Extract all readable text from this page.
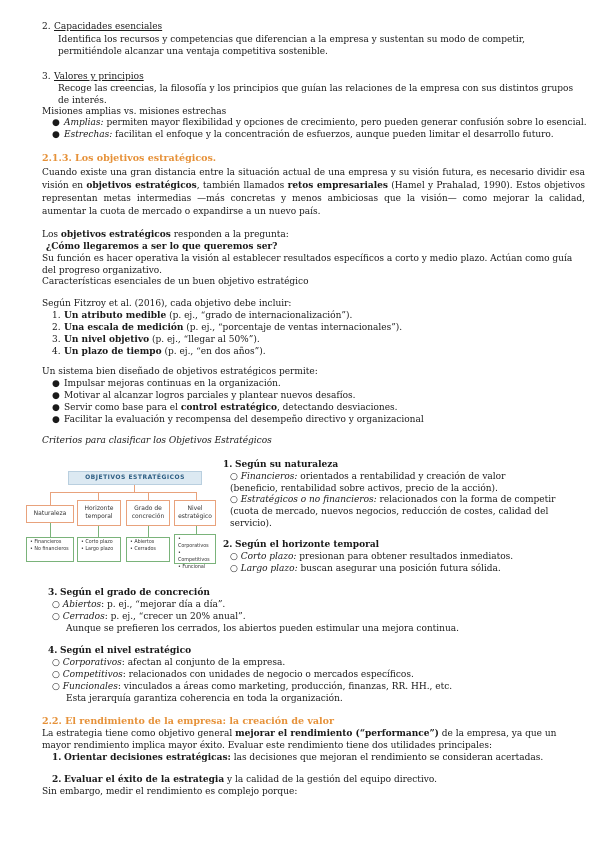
2. Capacidades esenciales
Identifica los recursos y competencias que diferencian a la empresa y sustentan su modo de competir, permitiéndole alcanzar una ventaja competitiva sostenible.
3. Valores y principios
Recoge las creencias, la filosofía y los principios que guían las relaciones de la empresa con sus distintos grupos de interés.
Misiones amplias vs. misiones estrechas
● Amplias: permiten mayor flexibilidad y opciones de crecimiento, pero pueden generar confusión sobre lo esencial.
● Estrechas: facilitan el enfoque y la concentración de esfuerzos, aunque pueden limitar el desarrollo futuro.
2.1.3. Los objetivos estratégicos.
Cuando existe una gran distancia entre la situación actual de una empresa y su visión futura, es necesario dividir esa visión en objetivos estratégicos, también llamados retos empresariales (Hamel y Prahalad, 1990). Estos objetivos representan metas intermedias —más concretas y menos ambiciosas que la visión— como mejorar la calidad, aumentar la cuota de mercado o expandirse a un nuevo país.
Los objetivos estratégicos responden a la pregunta:
¿Cómo llegaremos a ser lo que queremos ser?
Su función es hacer operativa la visión al establecer resultados específicos a corto y medio plazo. Actúan como guía del progreso organizativo.
Características esenciales de un buen objetivo estratégico
Según Fitzroy et al. (2016), cada objetivo debe incluir:
1. Un atributo medible (p. ej., “grado de internacionalización”).
2. Una escala de medición (p. ej., “porcentaje de ventas internacionales”).
3. Un nivel objetivo (p. ej., “llegar al 50%”).
4. Un plazo de tiempo (p. ej., “en dos años”).
Un sistema bien diseñado de objetivos estratégicos permite:
● Impulsar mejoras continuas en la organización.
● Motivar al alcanzar logros parciales y plantear nuevos desafíos.
● Servir como base para el control estratégico, detectando desviaciones.
● Facilitar la evaluación y recompensa del desempeño directivo y organizacional
Criterios para clasificar los Objetivos Estratégicos
OBJETIVOS ESTRATÉGICOS
Naturaleza
Horizonte temporal
Grado de concreción
Nivel estratégico
• Financieros
• No financieros
• Corto plazo
• Largo plazo
• Abiertos
• Cerrados
• Corporativos
• Competitivos
• Funcional
1. Según su naturaleza
○ Financieros: orientados a rentabilidad y creación de valor (beneficio, rentabilidad sobre activos, precio de la acción).
○ Estratégicos o no financieros: relacionados con la forma de competir (cuota de mercado, nuevos negocios, reducción de costes, calidad del servicio).
2. Según el horizonte temporal
○ Corto plazo: presionan para obtener resultados inmediatos.
○ Largo plazo: buscan asegurar una posición futura sólida.
3. Según el grado de concreción
○ Abiertos: p. ej., “mejorar día a día”.
○ Cerrados: p. ej., “crecer un 20% anual”.
Aunque se prefieren los cerrados, los abiertos pueden estimular una mejora continua.
4. Según el nivel estratégico
○ Corporativos: afectan al conjunto de la empresa.
○ Competitivos: relacionados con unidades de negocio o mercados específicos.
○ Funcionales: vinculados a áreas como marketing, producción, finanzas, RR. HH., etc.
Esta jerarquía garantiza coherencia en toda la organización.
2.2. El rendimiento de la empresa: la creación de valor
La estrategia tiene como objetivo general mejorar el rendimiento (“performance”) de la empresa, ya que un mayor rendimiento implica mayor éxito. Evaluar este rendimiento tiene dos utilidades principales:
1. Orientar decisiones estratégicas: las decisiones que mejoran el rendimiento se consideran acertadas.
2. Evaluar el éxito de la estrategia y la calidad de la gestión del equipo directivo.
Sin embargo, medir el rendimiento es complejo porque:
